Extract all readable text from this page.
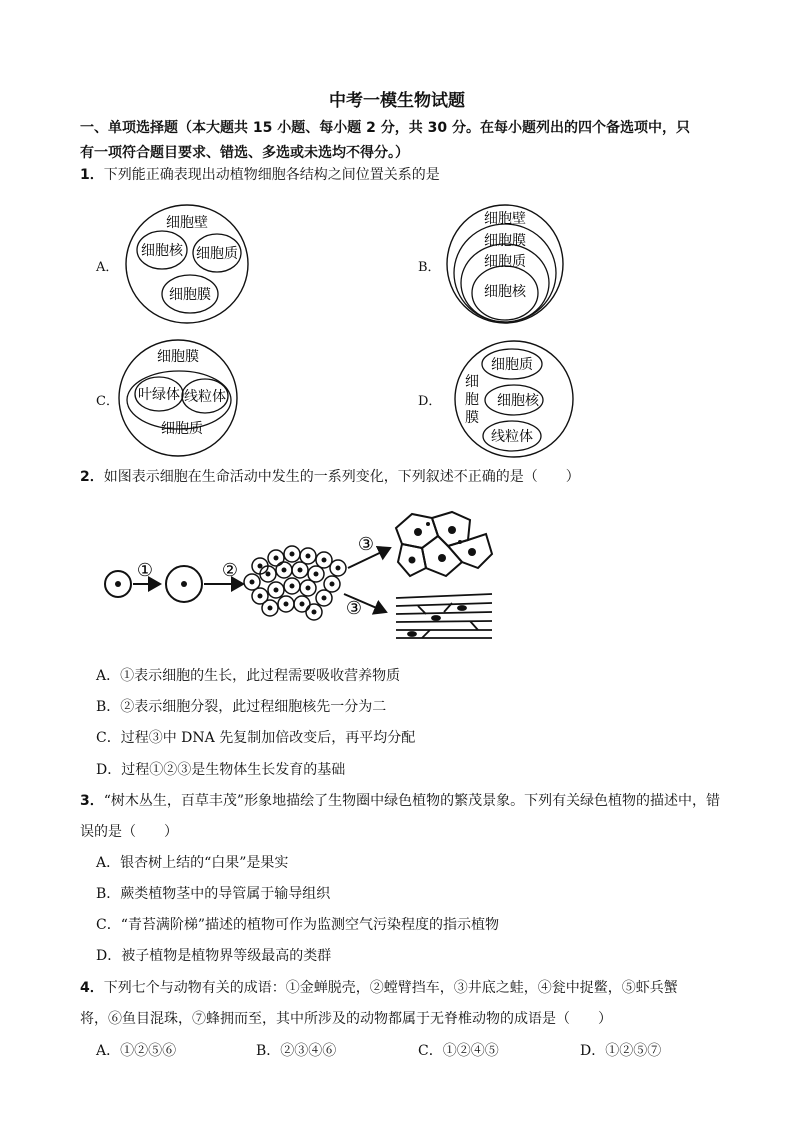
中考一模生物试题
一、单项选择题（本大题共 15 小题、每小题 2 分，共 30 分。在每小题列出的四个备选项中，只
有一项符合题目要求、错选、多选或未选均不得分。）
1．下列能正确表现出动植物细胞各结构之间位置关系的是
A．
细胞壁
细胞核 细胞质
细胞膜
B．
细胞壁
细胞膜
细胞质
细胞核
C．
细胞膜
叶绿体 线粒体
细胞质
D．
细
胞
膜
细胞质
细胞核
线粒体
2．如图表示细胞在生命活动中发生的一系列变化，下列叙述不正确的是（　　）
①	②
③
③
A．①表示细胞的生长，此过程需要吸收营养物质
B．②表示细胞分裂，此过程细胞核先一分为二
C．过程③中 DNA 先复制加倍改变后，再平均分配
D．过程①②③是生物体生长发育的基础
3．“树木丛生，百草丰茂”形象地描绘了生物圈中绿色植物的繁茂景象。下列有关绿色植物的描述中，错
误的是（　　）
A．银杏树上结的“白果”是果实
B．蕨类植物茎中的导管属于输导组织
C．“青苔满阶梯”描述的植物可作为监测空气污染程度的指示植物
D．被子植物是植物界等级最高的类群
4．下列七个与动物有关的成语：①金蝉脱壳，②螳臂挡车，③井底之蛙，④瓮中捉鳖，⑤虾兵蟹
将，⑥鱼目混珠，⑦蜂拥而至，其中所涉及的动物都属于无脊椎动物的成语是（　　）
A．①②⑤⑥	B．②③④⑥	C．①②④⑤	D．①②⑤⑦
